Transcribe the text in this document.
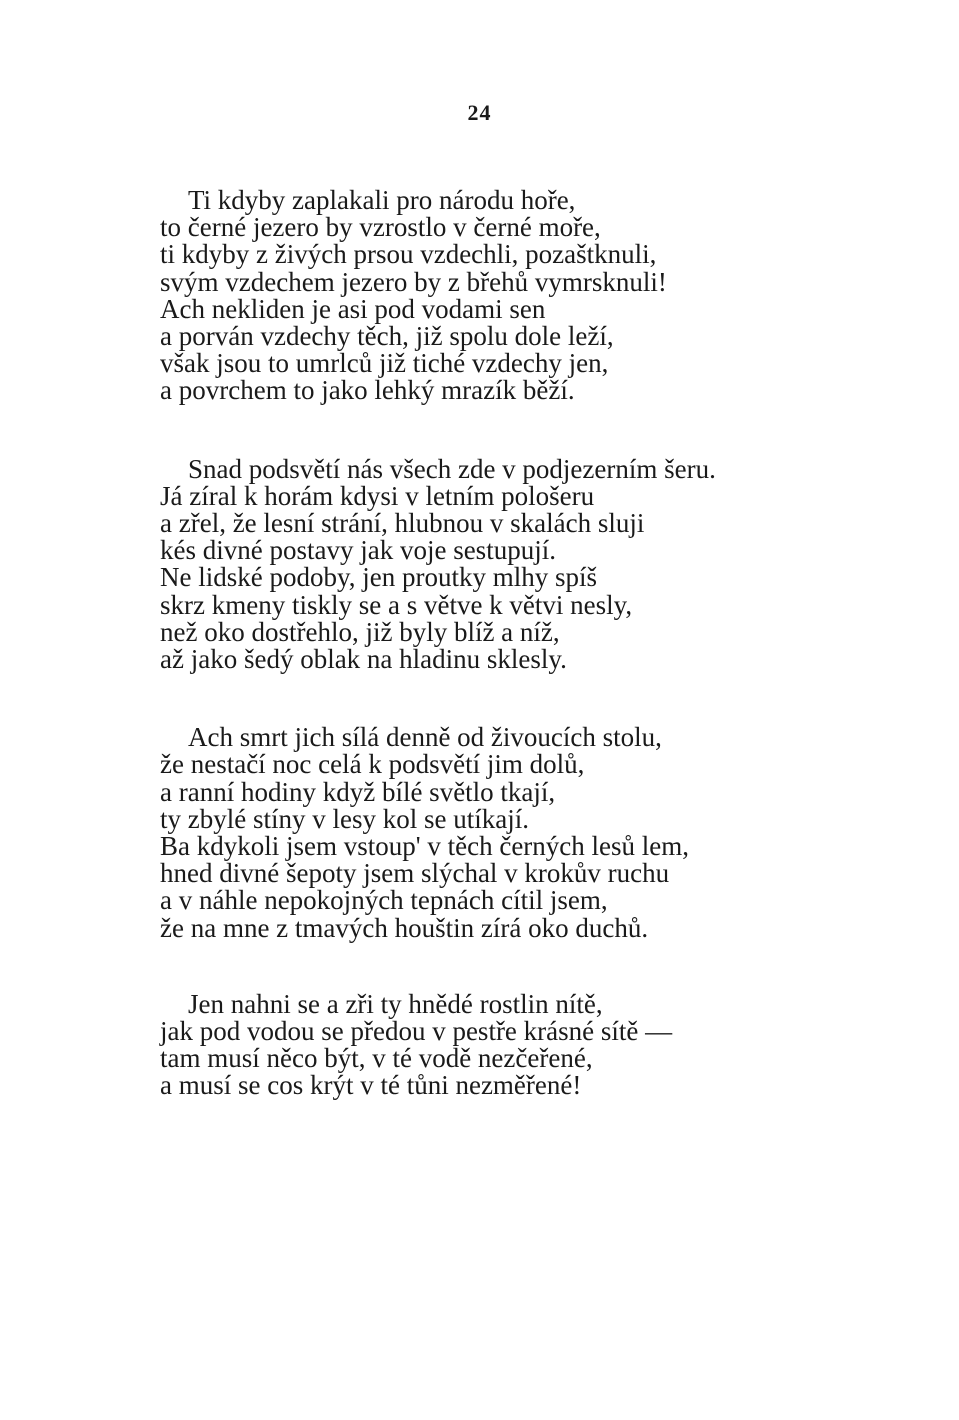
24
Ti kdyby zaplakali pro národu hoře,
to černé jezero by vzrostlo v černé moře,
ti kdyby z živých prsou vzdechli, pozaštknuli,
svým vzdechem jezero by z břehů vymrsknuli!
Ach neklidеn je asi pod vodami sen
a porván vzdechy těch, již spolu dole leží,
však jsou to umrlců již tiché vzdechy jen,
a povrchem to jako lehký mrazík běží.
Snad podsvětí nás všech zde v podjezerním šeru.
Já zíral k horám kdysi v letním pološeru
a zřel, že lesní strání, hlubnou v skalách sluji
kés divné postavy jak voje sestupují.
Ne lidské podoby, jen proutky mlhy spíš
skrz kmeny tiskly se a s větve k větvi nesly,
než oko dostřehlo, již byly blíž a níž,
až jako šedý oblak na hladinu sklesly.
Ach smrt jich sílá denně od živoucích stolu,
že nestačí noc celá k podsvětí jim dolů,
a ranní hodiny když bílé světlo tkají,
ty zbylé stíny v lesy kol se utíkají.
Ba kdykoli jsem vstoup' v těch černých lesů lem,
hned divné šepoty jsem slýchal v krokův ruchu
a v náhle nepokojných tepnách cítil jsem,
že na mne z tmavých houštin zírá oko duchů.
Jen nahni se a zři ty hnědé rostlin nítě,
jak pod vodou se předou v pestře krásné sítě —
tam musí něco být, v té vodě nezčeřené,
a musí se cos krýt v té tůni nezměřené!
